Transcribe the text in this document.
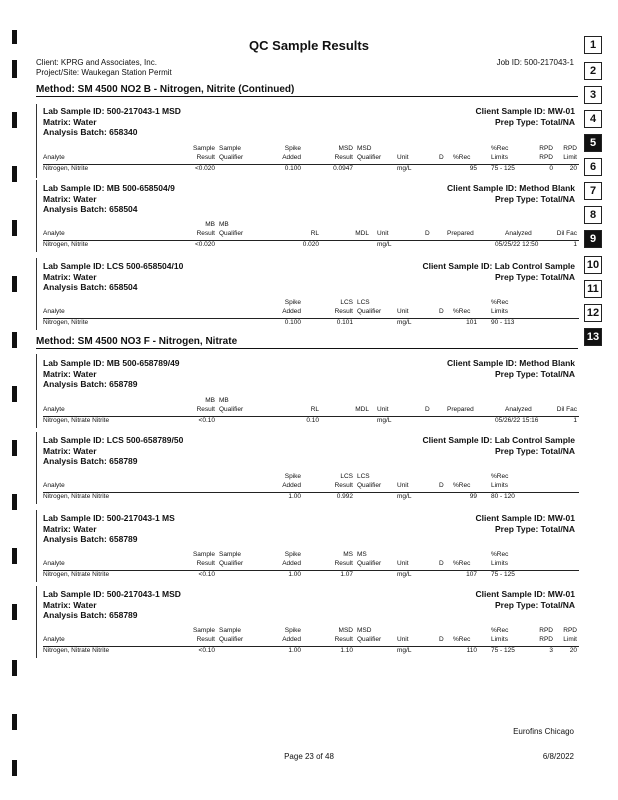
QC Sample Results
Client: KPRG and Associates, Inc.
Project/Site: Waukegan Station Permit
Job ID: 500-217043-1
1
2
3
4
5
6
7
8
9
10
11
12
13
Method: SM 4500 NO2 B - Nitrogen, Nitrite (Continued)
Lab Sample ID: 500-217043-1 MSD
Matrix: Water
Analysis Batch: 658340
Client Sample ID: MW-01
Prep Type: Total/NA
Sample Sample	Spike	MSD MSD	%Rec	RPD	RPD
Analyte	Result Qualifier	Added	Result Qualifier Unit	D %Rec	Limits	RPD	Limit
Nitrogen, Nitrite	<0.020	0.100	0.0947	mg/L	95 75 - 125	0	20
Lab Sample ID: MB 500-658504/9
Matrix: Water
Analysis Batch: 658504
Client Sample ID: Method Blank
Prep Type: Total/NA
MB MB
Analyte	Result Qualifier	RL	MDL Unit	D	Prepared	Analyzed	Dil Fac
Nitrogen, Nitrite	<0.020	0.020	mg/L	05/25/22 12:50	1
Lab Sample ID: LCS 500-658504/10
Matrix: Water
Analysis Batch: 658504
Client Sample ID: Lab Control Sample
Prep Type: Total/NA
Spike	LCS LCS	%Rec
Analyte	Added	Result Qualifier Unit	D %Rec	Limits
Nitrogen, Nitrite	0.100	0.101	mg/L	101 90 - 113
Method: SM 4500 NO3 F - Nitrogen, Nitrate
Lab Sample ID: MB 500-658789/49
Matrix: Water
Analysis Batch: 658789
Client Sample ID: Method Blank
Prep Type: Total/NA
MB MB
Analyte	Result Qualifier	RL	MDL Unit	D	Prepared	Analyzed	Dil Fac
Nitrogen, Nitrate Nitrite	<0.10	0.10	mg/L	05/26/22 15:16	1
Lab Sample ID: LCS 500-658789/50
Matrix: Water
Analysis Batch: 658789
Client Sample ID: Lab Control Sample
Prep Type: Total/NA
Spike	LCS LCS	%Rec
Analyte	Added	Result Qualifier Unit	D %Rec	Limits
Nitrogen, Nitrate Nitrite	1.00	0.992	mg/L	99 80 - 120
Lab Sample ID: 500-217043-1 MS
Matrix: Water
Analysis Batch: 658789
Client Sample ID: MW-01
Prep Type: Total/NA
Sample Sample	Spike	MS MS	%Rec
Analyte	Result Qualifier	Added	Result Qualifier Unit	D %Rec	Limits
Nitrogen, Nitrate Nitrite	<0.10	1.00	1.07	mg/L	107 75 - 125
Lab Sample ID: 500-217043-1 MSD
Matrix: Water
Analysis Batch: 658789
Client Sample ID: MW-01
Prep Type: Total/NA
Sample Sample	Spike	MSD MSD	%Rec	RPD	RPD
Analyte	Result Qualifier	Added	Result Qualifier Unit	D %Rec	Limits	RPD	Limit
Nitrogen, Nitrate Nitrite	<0.10	1.00	1.10	mg/L	110 75 - 125	3	20
Eurofins Chicago
Page 23 of 48	6/8/2022
